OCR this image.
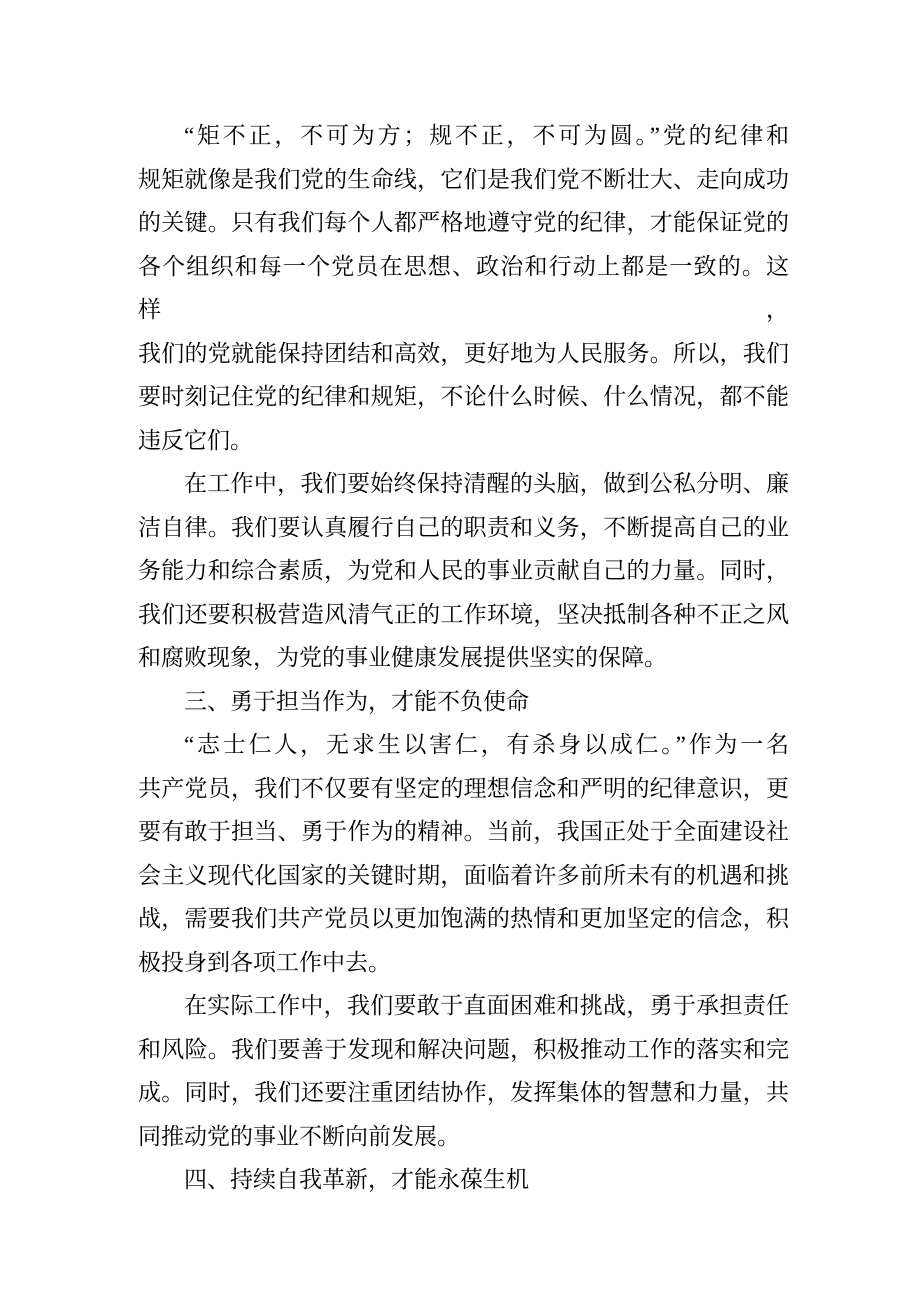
“矩不正，不可为方；规不正，不可为圆。”党的纪律和
规矩就像是我们党的生命线，它们是我们党不断壮大、走向成功
的关键。只有我们每个人都严格地遵守党的纪律，才能保证党的
各个组织和每一个党员在思想、政治和行动上都是一致的。这样，
我们的党就能保持团结和高效，更好地为人民服务。所以，我们
要时刻记住党的纪律和规矩，不论什么时候、什么情况，都不能
违反它们。
在工作中，我们要始终保持清醒的头脑，做到公私分明、廉
洁自律。我们要认真履行自己的职责和义务，不断提高自己的业
务能力和综合素质，为党和人民的事业贡献自己的力量。同时，
我们还要积极营造风清气正的工作环境，坚决抵制各种不正之风
和腐败现象，为党的事业健康发展提供坚实的保障。
三、勇于担当作为，才能不负使命
“志士仁人，无求生以害仁，有杀身以成仁。”作为一名
共产党员，我们不仅要有坚定的理想信念和严明的纪律意识，更
要有敢于担当、勇于作为的精神。当前，我国正处于全面建设社
会主义现代化国家的关键时期，面临着许多前所未有的机遇和挑
战，需要我们共产党员以更加饱满的热情和更加坚定的信念，积
极投身到各项工作中去。
在实际工作中，我们要敢于直面困难和挑战，勇于承担责任
和风险。我们要善于发现和解决问题，积极推动工作的落实和完
成。同时，我们还要注重团结协作，发挥集体的智慧和力量，共
同推动党的事业不断向前发展。
四、持续自我革新，才能永葆生机
